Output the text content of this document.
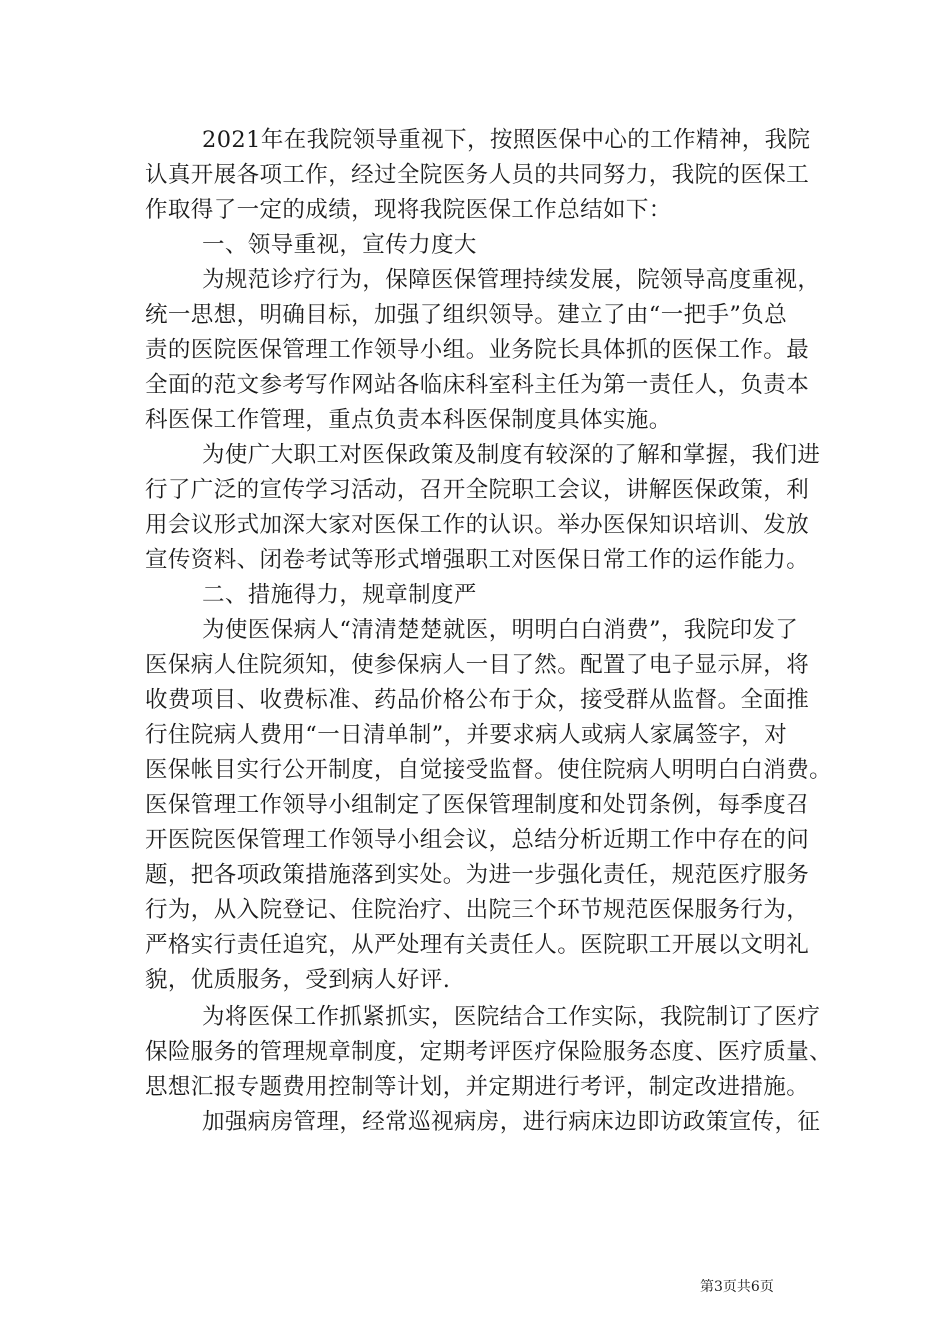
2021年在我院领导重视下，按照医保中心的工作精神，我院
认真开展各项工作，经过全院医务人员的共同努力，我院的医保工
作取得了一定的成绩，现将我院医保工作总结如下：
一、领导重视，宣传力度大
为规范诊疗行为，保障医保管理持续发展，院领导高度重视，
统一思想，明确目标，加强了组织领导。建立了由“一把手”负总
责的医院医保管理工作领导小组。业务院长具体抓的医保工作。最
全面的范文参考写作网站各临床科室科主任为第一责任人，负责本
科医保工作管理，重点负责本科医保制度具体实施。
为使广大职工对医保政策及制度有较深的了解和掌握，我们进
行了广泛的宣传学习活动，召开全院职工会议，讲解医保政策，利
用会议形式加深大家对医保工作的认识。举办医保知识培训、发放
宣传资料、闭卷考试等形式增强职工对医保日常工作的运作能力。
二、措施得力，规章制度严
为使医保病人“清清楚楚就医，明明白白消费”，我院印发了
医保病人住院须知，使参保病人一目了然。配置了电子显示屏，将
收费项目、收费标准、药品价格公布于众，接受群从监督。全面推
行住院病人费用“一日清单制”，并要求病人或病人家属签字，对
医保帐目实行公开制度，自觉接受监督。使住院病人明明白白消费。
医保管理工作领导小组制定了医保管理制度和处罚条例，每季度召
开医院医保管理工作领导小组会议，总结分析近期工作中存在的问
题，把各项政策措施落到实处。为进一步强化责任，规范医疗服务
行为，从入院登记、住院治疗、出院三个环节规范医保服务行为，
严格实行责任追究，从严处理有关责任人。医院职工开展以文明礼
貌，优质服务，受到病人好评.
为将医保工作抓紧抓实，医院结合工作实际，我院制订了医疗
保险服务的管理规章制度，定期考评医疗保险服务态度、医疗质量、
思想汇报专题费用控制等计划，并定期进行考评，制定改进措施。
加强病房管理，经常巡视病房，进行病床边即访政策宣传，征
第3页共6页
